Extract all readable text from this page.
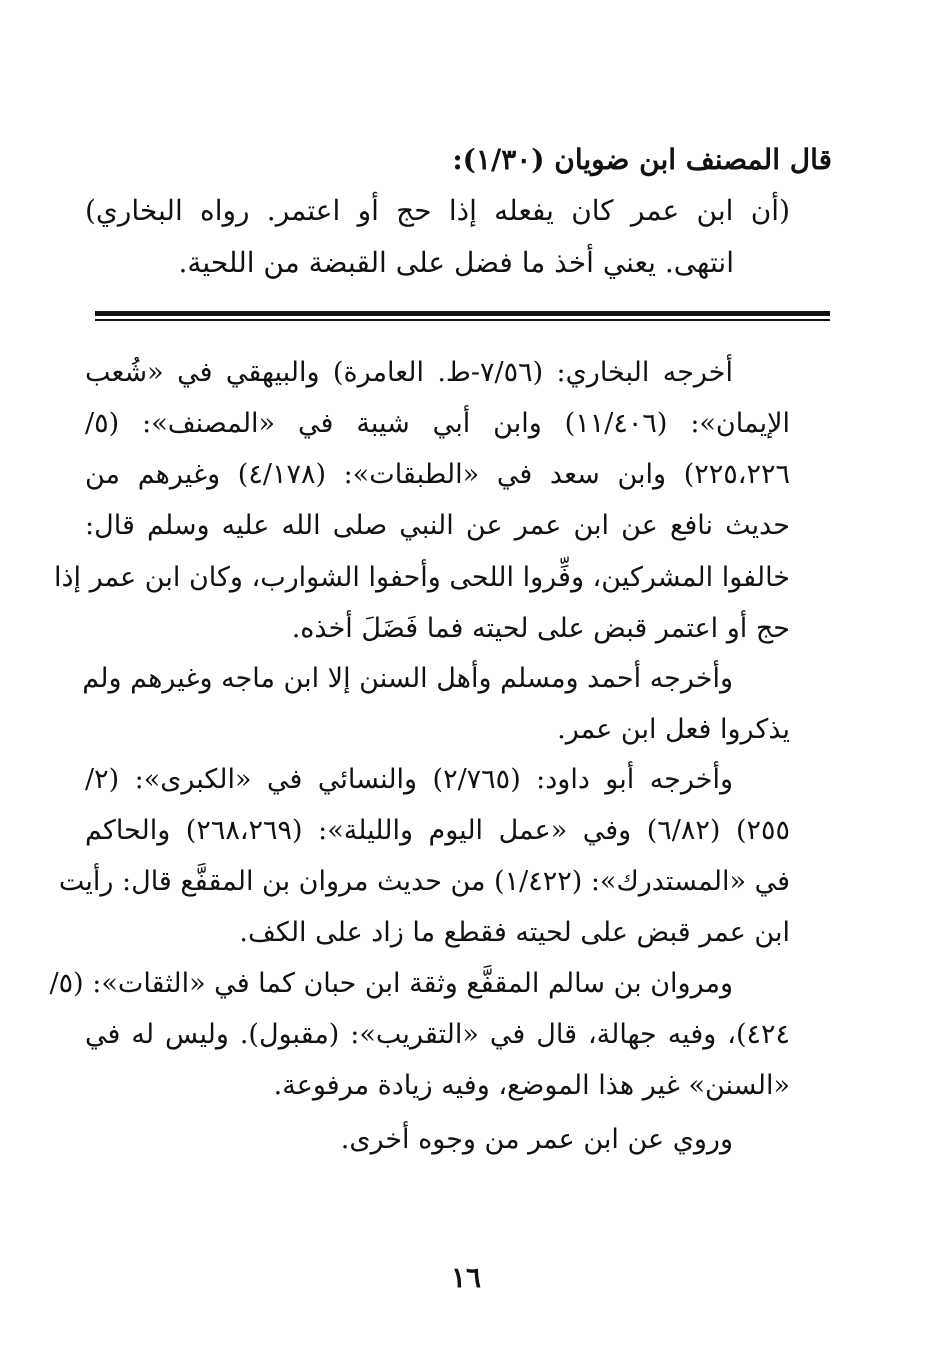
قال المصنف ابن ضويان (١/٣٠):
(أن ابن عمر كان يفعله إذا حج أو اعتمر. رواه البخاري)
انتهى. يعني أخذ ما فضل على القبضة من اللحية.
أخرجه البخاري: (٧/٥٦-ط. العامرة) والبيهقي في «شُعب
الإيمان»: (١١/٤٠٦) وابن أبي شيبة في «المصنف»: (٥/
٢٢٥،٢٢٦) وابن سعد في «الطبقات»: (٤/١٧٨) وغيرهم من
حديث نافع عن ابن عمر عن النبي صلى الله عليه وسلم قال:
خالفوا المشركين، وفِّروا اللحى وأحفوا الشوارب، وكان ابن عمر إذا
حج أو اعتمر قبض على لحيته فما فَضَلَ أخذه.
وأخرجه أحمد ومسلم وأهل السنن إلا ابن ماجه وغيرهم ولم
يذكروا فعل ابن عمر.
وأخرجه أبو داود: (٢/٧٦٥) والنسائي في «الكبرى»: (٢/
٢٥٥) (٦/٨٢) وفي «عمل اليوم والليلة»: (٢٦٨،٢٦٩) والحاكم
في «المستدرك»: (١/٤٢٢) من حديث مروان بن المقفَّع قال: رأيت
ابن عمر قبض على لحيته فقطع ما زاد على الكف.
ومروان بن سالم المقفَّع وثقة ابن حبان كما في «الثقات»: (٥/
٤٢٤)، وفيه جهالة، قال في «التقريب»: (مقبول). وليس له في
«السنن» غير هذا الموضع، وفيه زيادة مرفوعة.
وروي عن ابن عمر من وجوه أخرى.
١٦
